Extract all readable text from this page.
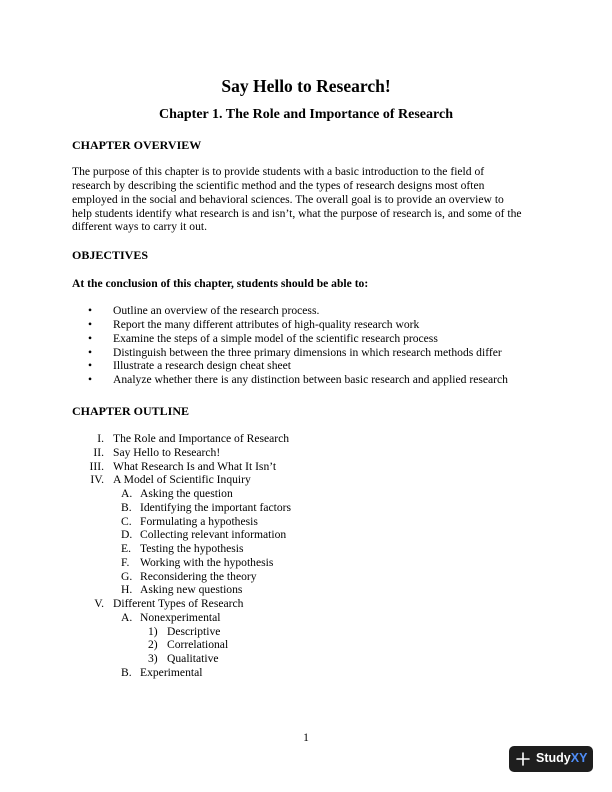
Say Hello to Research!
Chapter 1. The Role and Importance of Research
CHAPTER OVERVIEW
The purpose of this chapter is to provide students with a basic introduction to the field of
research by describing the scientific method and the types of research designs most often
employed in the social and behavioral sciences. The overall goal is to provide an overview to
help students identify what research is and isn’t, what the purpose of research is, and some of the
different ways to carry it out.
OBJECTIVES
At the conclusion of this chapter, students should be able to:
• Outline an overview of the research process.
• Report the many different attributes of high-quality research work
• Examine the steps of a simple model of the scientific research process
• Distinguish between the three primary dimensions in which research methods differ
• Illustrate a research design cheat sheet
• Analyze whether there is any distinction between basic research and applied research
CHAPTER OUTLINE
I. The Role and Importance of Research
II. Say Hello to Research!
III. What Research Is and What It Isn’t
IV. A Model of Scientific Inquiry
A. Asking the question
B. Identifying the important factors
C. Formulating a hypothesis
D. Collecting relevant information
E. Testing the hypothesis
F. Working with the hypothesis
G. Reconsidering the theory
H. Asking new questions
V. Different Types of Research
A. Nonexperimental
1) Descriptive
2) Correlational
3) Qualitative
B. Experimental
1
StudyXY
